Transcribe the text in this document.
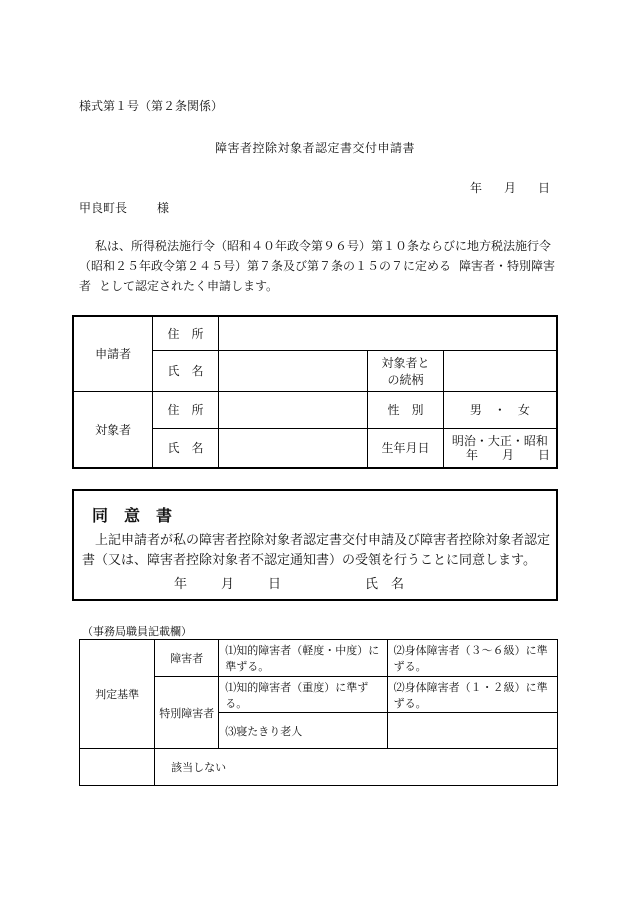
様式第１号（第２条関係）
障害者控除対象者認定書交付申請書
年 月 日
甲良町長	様
私は、所得税法施行令（昭和４０年政令第９６号）第１０条ならびに地方税法施行令（昭和２５年政令第２４５号）第７条及び第７条の１５の７に定める 障害者・特別障害者 として認定されたく申請します。
申請者	住　所			
	氏　名		対象者と
の続柄	

対象者	住　所		性　別	男　・　女
	氏　名		生年月日	明治・大正・昭和
年　　月　　日
同意書
上記申請者が私の障害者控除対象者認定書交付申請及び障害者控除対象者認定書（又は、障害者控除対象者不認定通知書）の受領を行うことに同意します。
年	月	日	氏　名
（事務局職員記載欄）
判定基準	障害者	⑴知的障害者（軽度・中度）に準ずる。	⑵身体障害者（３～６級）に準ずる。
	特別障害者	⑴知的障害者（重度）に準ずる。	⑵身体障害者（１・２級）に準ずる。
		⑶寝たきり老人	
	該当しない		
